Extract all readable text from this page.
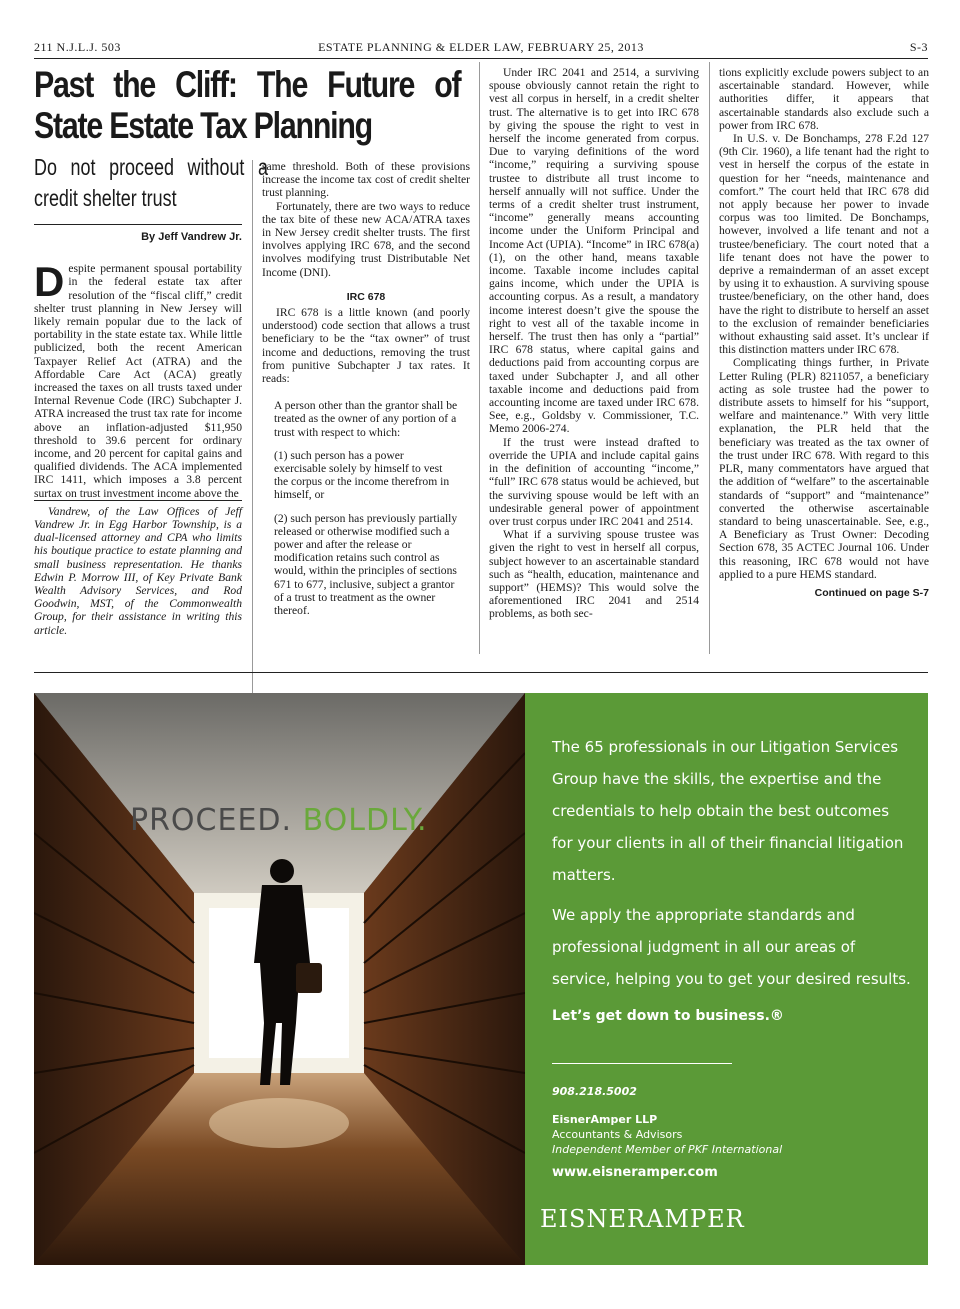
211 N.J.L.J. 503	ESTATE PLANNING & ELDER LAW, FEBRUARY 25, 2013	S-3
Past the Cliff: The Future of State Estate Tax Planning
Do not proceed without a credit shelter trust
By Jeff Vandrew Jr.

Despite permanent spousal portability in the federal estate tax after resolution of the “fiscal cliff,” credit shelter trust planning in New Jersey will likely remain popular due to the lack of portability in the state estate tax. While little publicized, both the recent American Taxpayer Relief Act (ATRA) and the Affordable Care Act (ACA) greatly increased the taxes on all trusts taxed under Internal Revenue Code (IRC) Subchapter J. ATRA increased the trust tax rate for income above an inflation-adjusted $11,950 threshold to 39.6 percent for ordinary income, and 20 percent for capital gains and qualified dividends. The ACA implemented IRC 1411, which imposes a 3.8 percent surtax on trust investment income above the

Vandrew, of the Law Offices of Jeff Vandrew Jr. in Egg Harbor Township, is a dual-licensed attorney and CPA who limits his boutique practice to estate planning and small business representation. He thanks Edwin P. Morrow III, of Key Private Bank Wealth Advisory Services, and Rod Goodwin, MST, of the Commonwealth Group, for their assistance in writing this article.

same threshold. Both of these provisions increase the income tax cost of credit shelter trust planning.

Fortunately, there are two ways to reduce the tax bite of these new ACA/ATRA taxes in New Jersey credit shelter trusts. The first involves applying IRC 678, and the second involves modifying trust Distributable Net Income (DNI).

IRC 678

IRC 678 is a little known (and poorly understood) code section that allows a trust beneficiary to be the “tax owner” of trust income and deductions, removing the trust from punitive Subchapter J tax rates. It reads:

A person other than the grantor shall be treated as the owner of any portion of a trust with respect to which:

(1) such person has a power exercisable solely by himself to vest the corpus or the income therefrom in himself, or

(2) such person has previously partially released or otherwise modified such a power and after the release or modification retains such control as would, within the principles of sections 671 to 677, inclusive, subject a grantor of a trust to treatment as the owner thereof.

Under IRC 2041 and 2514, a surviving spouse obviously cannot retain the right to vest all corpus in herself, in a credit shelter trust. The alternative is to get into IRC 678 by giving the spouse the right to vest in herself the income generated from corpus. Due to varying definitions of the word “income,” requiring a surviving spouse trustee to distribute all trust income to herself annually will not suffice. Under the terms of a credit shelter trust instrument, “income” generally means accounting income under the Uniform Principal and Income Act (UPIA). “Income” in IRC 678(a)(1), on the other hand, means taxable income. Taxable income includes capital gains income, which under the UPIA is accounting corpus. As a result, a mandatory income interest doesn’t give the spouse the right to vest all of the taxable income in herself. The trust then has only a “partial” IRC 678 status, where capital gains and deductions paid from accounting corpus are taxed under Subchapter J, and all other taxable income and deductions paid from accounting income are taxed under IRC 678. See, e.g., Goldsby v. Commissioner, T.C. Memo 2006-274.

If the trust were instead drafted to override the UPIA and include capital gains in the definition of accounting “income,” “full” IRC 678 status would be achieved, but the surviving spouse would be left with an undesirable general power of appointment over trust corpus under IRC 2041 and 2514.

What if a surviving spouse trustee was given the right to vest in herself all corpus, subject however to an ascertainable standard such as “health, education, maintenance and support” (HEMS)? This would solve the aforementioned IRC 2041 and 2514 problems, as both sec-

tions explicitly exclude powers subject to an ascertainable standard. However, while authorities differ, it appears that ascertainable standards also exclude such a power from IRC 678.

In U.S. v. De Bonchamps, 278 F.2d 127 (9th Cir. 1960), a life tenant had the right to vest in herself the corpus of the estate in question for her “needs, maintenance and comfort.” The court held that IRC 678 did not apply because her power to invade corpus was too limited. De Bonchamps, however, involved a life tenant and not a trustee/beneficiary. The court noted that a life tenant does not have the power to deprive a remainderman of an asset except by using it to exhaustion. A surviving spouse trustee/beneficiary, on the other hand, does have the right to distribute to herself an asset to the exclusion of remainder beneficiaries without exhausting said asset. It’s unclear if this distinction matters under IRC 678.

Complicating things further, in Private Letter Ruling (PLR) 8211057, a beneficiary acting as sole trustee had the power to distribute assets to himself for his “support, welfare and maintenance.” With very little explanation, the PLR held that the beneficiary was treated as the tax owner of the trust under IRC 678. With regard to this PLR, many commentators have argued that the addition of “welfare” to the ascertainable standards of “support” and “maintenance” converted the otherwise ascertainable standard to being unascertainable. See, e.g., A Beneficiary as Trust Owner: Decoding Section 678, 35 ACTEC Journal 106. Under this reasoning, IRC 678 would not have applied to a pure HEMS standard.

Continued on page S-7
PROCEED. BOLDLY.
The 65 professionals in our Litigation Services Group have the skills, the expertise and the credentials to help obtain the best outcomes for your clients in all of their financial litigation matters.
We apply the appropriate standards and professional judgment in all our areas of service, helping you to get your desired results.
Let’s get down to business.®
908.218.5002
EisnerAmper LLP
Accountants & Advisors
Independent Member of PKF International
www.eisneramper.com
EISNERAMPER
